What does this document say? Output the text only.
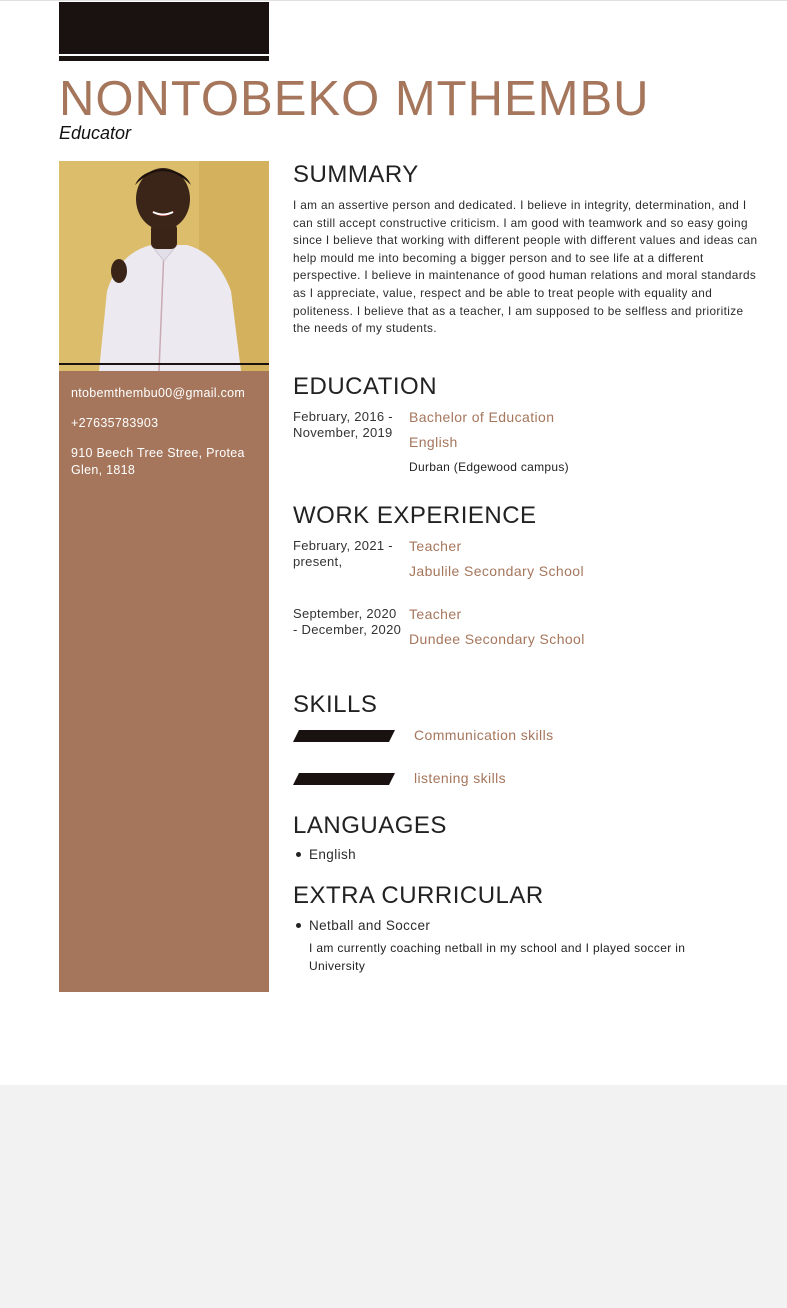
NONTOBEKO MTHEMBU
Educator
ntobemthembu00@gmail.com
+27635783903
910 Beech Tree Stree, Protea Glen, 1818
SUMMARY
I am an assertive person and dedicated. I believe in integrity, determination, and I can still accept constructive criticism. I am good with teamwork and so easy going since I believe that working with different people with different values and ideas can help mould me into becoming a bigger person and to see life at a different perspective. I believe in maintenance of good human relations and moral standards as I appreciate, value, respect and be able to treat people with equality and politeness. I believe that as a teacher, I am supposed to be selfless and prioritize the needs of my students.
EDUCATION
February, 2016 - November, 2019
Bachelor of Education
English
Durban (Edgewood campus)
WORK EXPERIENCE
February, 2021 - present,
Teacher
Jabulile Secondary School
September, 2020 - December, 2020
Teacher
Dundee Secondary School
SKILLS
Communication skills
listening skills
LANGUAGES
English
EXTRA CURRICULAR
Netball and Soccer
I am currently coaching netball in my school and I played soccer in University
